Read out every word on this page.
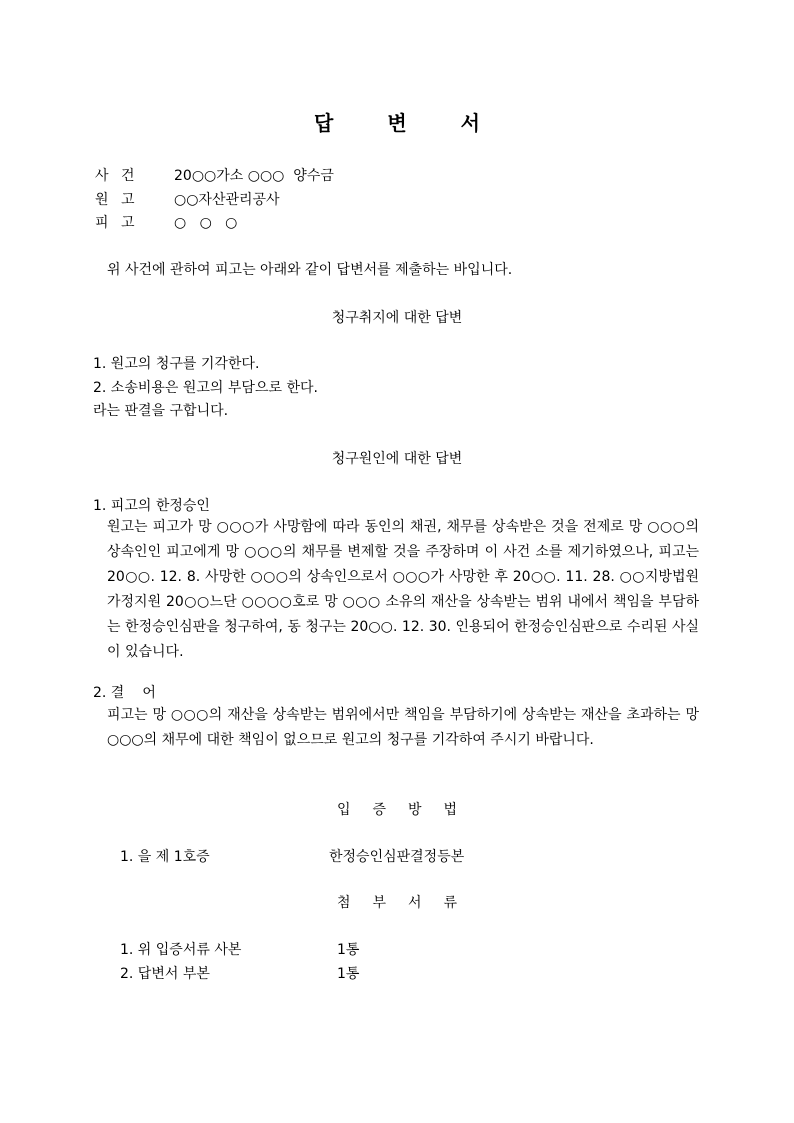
답	변	서
사 건	20○○가소 ○○○  양수금
원 고	○○자산관리공사
피 고	○   ○   ○
위 사건에 관하여 피고는 아래와 같이 답변서를 제출하는 바입니다.
청구취지에 대한 답변
1. 원고의 청구를 기각한다.
2. 소송비용은 원고의 부담으로 한다.
라는 판결을 구합니다.
청구원인에 대한 답변
1. 피고의 한정승인
원고는 피고가 망 ○○○가 사망함에 따라 동인의 채권, 채무를 상속받은 것을 전제로 망 ○○○의 상속인인 피고에게 망 ○○○의 채무를 변제할 것을 주장하며 이 사건 소를 제기하였으나, 피고는 20○○. 12. 8. 사망한 ○○○의 상속인으로서 ○○○가 사망한 후 20○○. 11. 28. ○○지방법원 가정지원 20○○느단 ○○○○호로 망 ○○○ 소유의 재산을 상속받는 범위 내에서 책임을 부담하는 한정승인심판을 청구하여, 동 청구는 20○○. 12. 30. 인용되어 한정승인심판으로 수리된 사실이 있습니다.
2. 결 어
피고는 망 ○○○의 재산을 상속받는 범위에서만 책임을 부담하기에 상속받는 재산을 초과하는 망 ○○○의 채무에 대한 책임이 없으므로 원고의 청구를 기각하여 주시기 바랍니다.
입 증 방 법
1. 을 제 1호증	한정승인심판결정등본
첨 부 서 류
1. 위 입증서류 사본	1통
2. 답변서 부본	1통
